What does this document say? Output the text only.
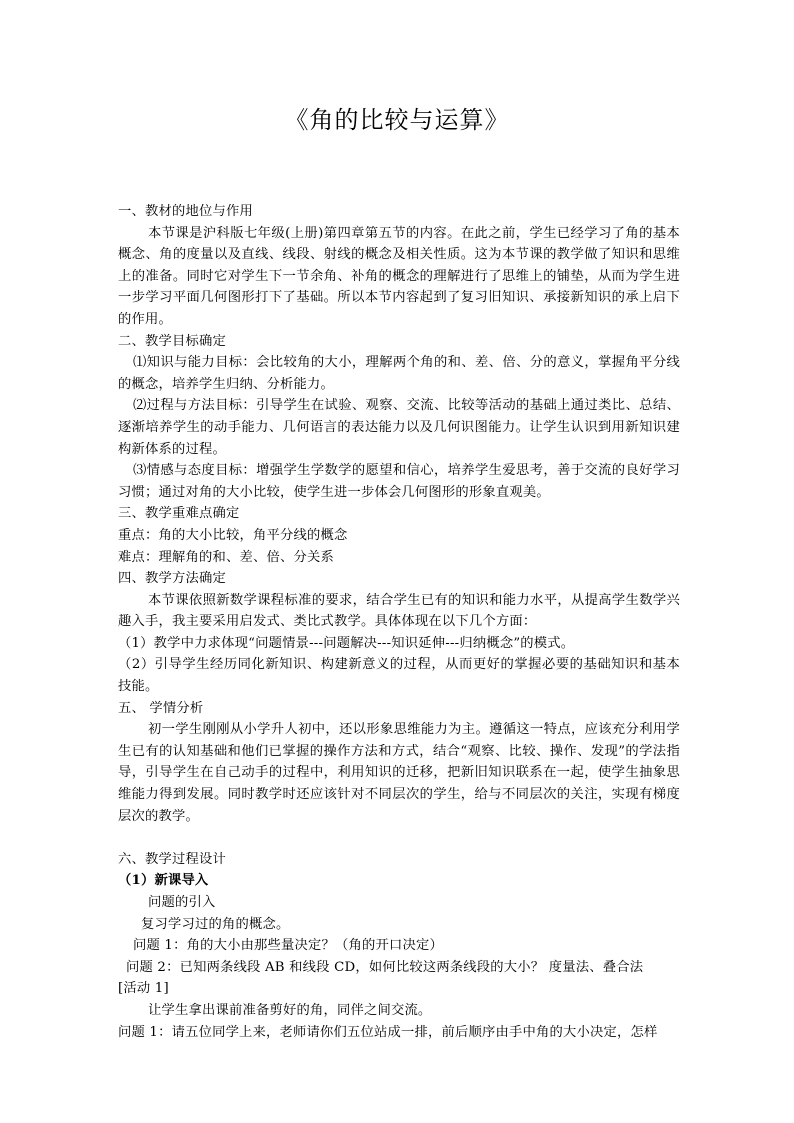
《角的比较与运算》

一、教材的地位与作用

本节课是沪科版七年级(上册)第四章第五节的内容。在此之前，学生已经学习了角的基本概念、角的度量以及直线、线段、射线的概念及相关性质。这为本节课的教学做了知识和思维上的准备。同时它对学生下一节余角、补角的概念的理解进行了思维上的铺垫，从而为学生进一步学习平面几何图形打下了基础。所以本节内容起到了复习旧知识、承接新知识的承上启下的作用。

二、教学目标确定

⑴知识与能力目标：会比较角的大小，理解两个角的和、差、倍、分的意义，掌握角平分线的概念，培养学生归纳、分析能力。

⑵过程与方法目标：引导学生在试验、观察、交流、比较等活动的基础上通过类比、总结、逐渐培养学生的动手能力、几何语言的表达能力以及几何识图能力。让学生认识到用新知识建构新体系的过程。

⑶情感与态度目标：增强学生学数学的愿望和信心，培养学生爱思考，善于交流的良好学习习惯；通过对角的大小比较，使学生进一步体会几何图形的形象直观美。

三、教学重难点确定

重点：角的大小比较，角平分线的概念

难点：理解角的和、差、倍、分关系

四、教学方法确定

本节课依照新数学课程标准的要求，结合学生已有的知识和能力水平，从提高学生数学兴趣入手，我主要采用启发式、类比式教学。具体体现在以下几个方面：

（1）教学中力求体现“问题情景---问题解决---知识延伸---归纳概念”的模式。

（2）引导学生经历同化新知识、构建新意义的过程，从而更好的掌握必要的基础知识和基本技能。

五、 学情分析

初一学生刚刚从小学升人初中，还以形象思维能力为主。遵循这一特点，应该充分利用学生已有的认知基础和他们已掌握的操作方法和方式，结合“观察、比较、操作、发现”的学法指导，引导学生在自己动手的过程中，利用知识的迁移，把新旧知识联系在一起，使学生抽象思维能力得到发展。同时教学时还应该针对不同层次的学生，给与不同层次的关注，实现有梯度层次的教学。

六、教学过程设计

（1）新课导入

问题的引入

复习学习过的角的概念。

问题 1：角的大小由那些量决定？（角的开口决定）

问题 2：已知两条线段 AB 和线段 CD，如何比较这两条线段的大小？ 度量法、叠合法

[活动 1]

让学生拿出课前准备剪好的角，同伴之间交流。

问题 1：请五位同学上来，老师请你们五位站成一排，前后顺序由手中角的大小决定，怎样
